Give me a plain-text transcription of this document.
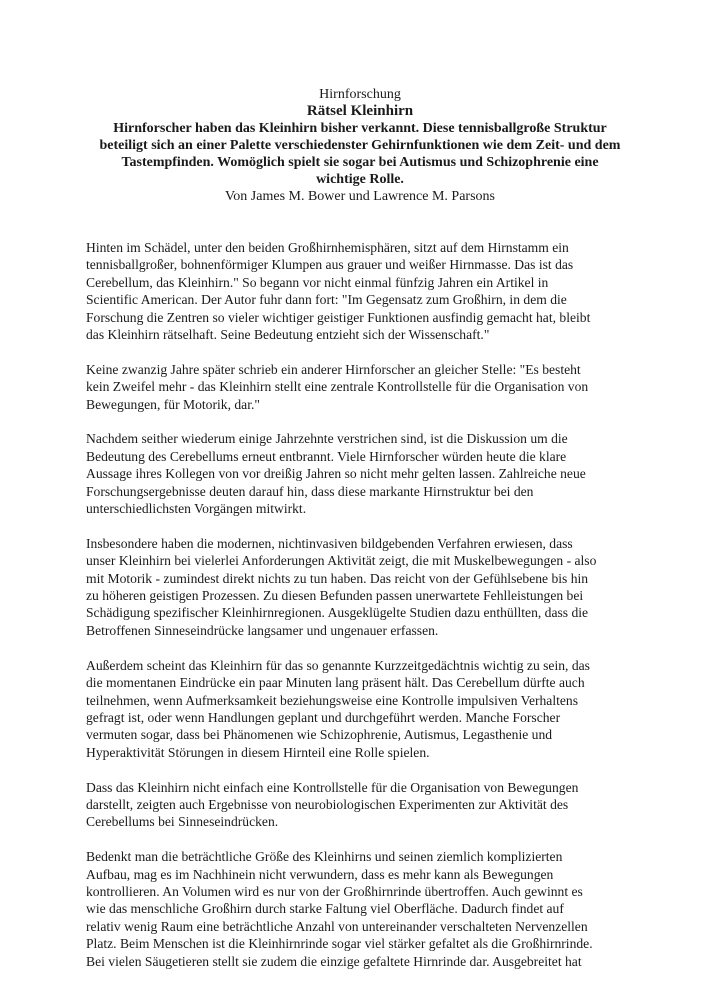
Hirnforschung
Rätsel Kleinhirn
Hirnforscher haben das Kleinhirn bisher verkannt. Diese tennisballgroße Struktur
beteiligt sich an einer Palette verschiedenster Gehirnfunktionen wie dem Zeit- und dem
Tastempfinden. Womöglich spielt sie sogar bei Autismus und Schizophrenie eine
wichtige Rolle.
Von James M. Bower und Lawrence M. Parsons

Hinten im Schädel, unter den beiden Großhirnhemisphären, sitzt auf dem Hirnstamm ein
tennisballgroßer, bohnenförmiger Klumpen aus grauer und weißer Hirnmasse. Das ist das
Cerebellum, das Kleinhirn." So begann vor nicht einmal fünfzig Jahren ein Artikel in
Scientific American. Der Autor fuhr dann fort: "Im Gegensatz zum Großhirn, in dem die
Forschung die Zentren so vieler wichtiger geistiger Funktionen ausfindig gemacht hat, bleibt
das Kleinhirn rätselhaft. Seine Bedeutung entzieht sich der Wissenschaft."

Keine zwanzig Jahre später schrieb ein anderer Hirnforscher an gleicher Stelle: "Es besteht
kein Zweifel mehr - das Kleinhirn stellt eine zentrale Kontrollstelle für die Organisation von
Bewegungen, für Motorik, dar."

Nachdem seither wiederum einige Jahrzehnte verstrichen sind, ist die Diskussion um die
Bedeutung des Cerebellums erneut entbrannt. Viele Hirnforscher würden heute die klare
Aussage ihres Kollegen von vor dreißig Jahren so nicht mehr gelten lassen. Zahlreiche neue
Forschungsergebnisse deuten darauf hin, dass diese markante Hirnstruktur bei den
unterschiedlichsten Vorgängen mitwirkt.

Insbesondere haben die modernen, nichtinvasiven bildgebenden Verfahren erwiesen, dass
unser Kleinhirn bei vielerlei Anforderungen Aktivität zeigt, die mit Muskelbewegungen - also
mit Motorik - zumindest direkt nichts zu tun haben. Das reicht von der Gefühlsebene bis hin
zu höheren geistigen Prozessen. Zu diesen Befunden passen unerwartete Fehlleistungen bei
Schädigung spezifischer Kleinhirnregionen. Ausgeklügelte Studien dazu enthüllten, dass die
Betroffenen Sinneseindrücke langsamer und ungenauer erfassen.

Außerdem scheint das Kleinhirn für das so genannte Kurzzeitgedächtnis wichtig zu sein, das
die momentanen Eindrücke ein paar Minuten lang präsent hält. Das Cerebellum dürfte auch
teilnehmen, wenn Aufmerksamkeit beziehungsweise eine Kontrolle impulsiven Verhaltens
gefragt ist, oder wenn Handlungen geplant und durchgeführt werden. Manche Forscher
vermuten sogar, dass bei Phänomenen wie Schizophrenie, Autismus, Legasthenie und
Hyperaktivität Störungen in diesem Hirnteil eine Rolle spielen.

Dass das Kleinhirn nicht einfach eine Kontrollstelle für die Organisation von Bewegungen
darstellt, zeigten auch Ergebnisse von neurobiologischen Experimenten zur Aktivität des
Cerebellums bei Sinneseindrücken.

Bedenkt man die beträchtliche Größe des Kleinhirns und seinen ziemlich komplizierten
Aufbau, mag es im Nachhinein nicht verwundern, dass es mehr kann als Bewegungen
kontrollieren. An Volumen wird es nur von der Großhirnrinde übertroffen. Auch gewinnt es
wie das menschliche Großhirn durch starke Faltung viel Oberfläche. Dadurch findet auf
relativ wenig Raum eine beträchtliche Anzahl von untereinander verschalteten Nervenzellen
Platz. Beim Menschen ist die Kleinhirnrinde sogar viel stärker gefaltet als die Großhirnrinde.
Bei vielen Säugetieren stellt sie zudem die einzige gefaltete Hirnrinde dar. Ausgebreitet hat
